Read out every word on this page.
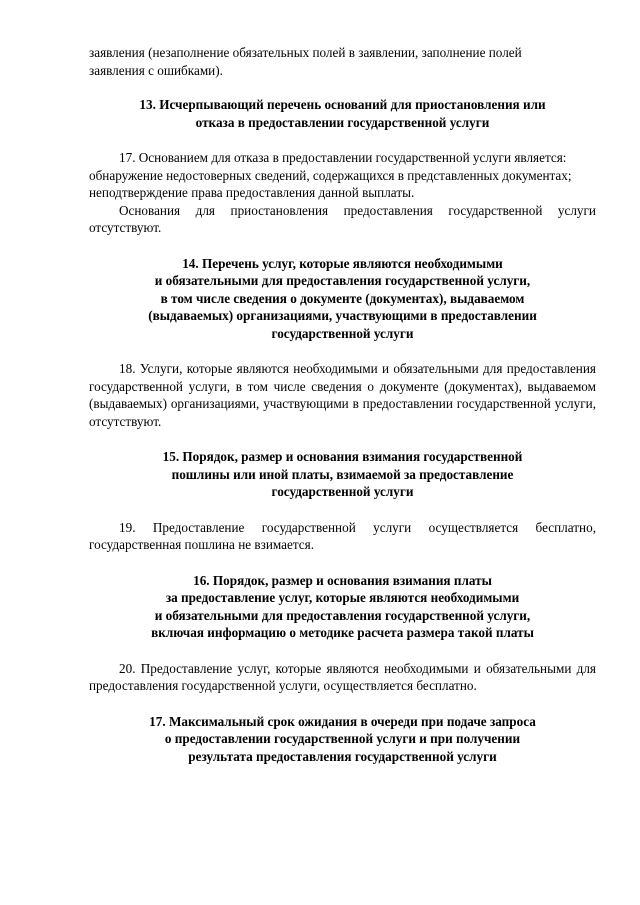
заявления (незаполнение обязательных полей в заявлении, заполнение полей
заявления с ошибками).

13. Исчерпывающий перечень оснований для приостановления или
отказа в предоставлении государственной услуги

17. Основанием для отказа в предоставлении государственной услуги является:

обнаружение недостоверных сведений, содержащихся в представленных документах;

неподтверждение права предоставления данной выплаты.

Основания для приостановления предоставления государственной услуги отсутствуют.

14. Перечень услуг, которые являются необходимыми
и обязательными для предоставления государственной услуги,
в том числе сведения о документе (документах), выдаваемом
(выдаваемых) организациями, участвующими в предоставлении
государственной услуги

18. Услуги, которые являются необходимыми и обязательными для предоставления государственной услуги, в том числе сведения о документе (документах), выдаваемом (выдаваемых) организациями, участвующими в предоставлении государственной услуги, отсутствуют.

15. Порядок, размер и основания взимания государственной
пошлины или иной платы, взимаемой за предоставление
государственной услуги

19. Предоставление государственной услуги осуществляется бесплатно, государственная пошлина не взимается.

16. Порядок, размер и основания взимания платы
за предоставление услуг, которые являются необходимыми
и обязательными для предоставления государственной услуги,
включая информацию о методике расчета размера такой платы

20. Предоставление услуг, которые являются необходимыми и обязательными для предоставления государственной услуги, осуществляется бесплатно.

17. Максимальный срок ожидания в очереди при подаче запроса
о предоставлении государственной услуги и при получении
результата предоставления государственной услуги
